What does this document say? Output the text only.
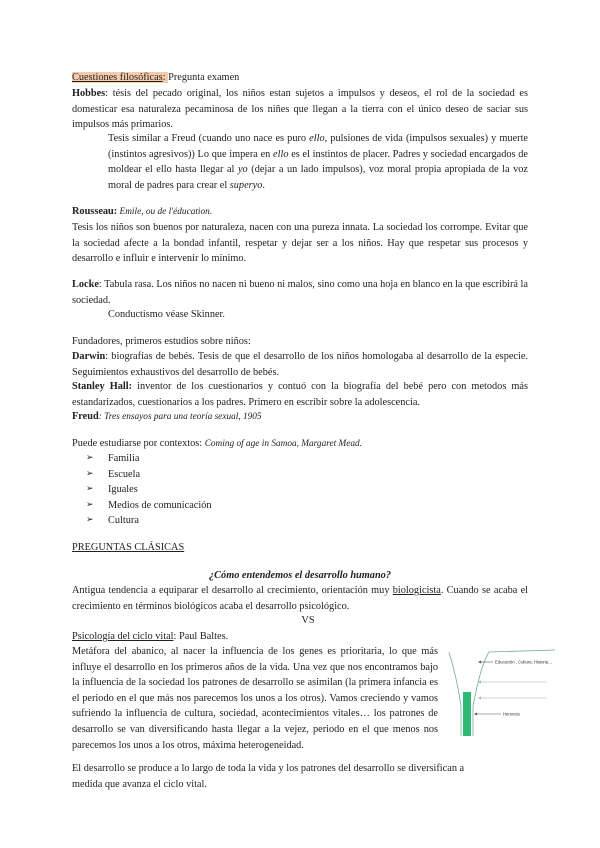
Cuestiones filosóficas: Pregunta examen
Hobbes: tésis del pecado original, los niños estan sujetos a impulsos y deseos, el rol de la sociedad es domesticar esa naturaleza pecaminosa de los niñes que llegan a la tierra con el único deseo de saciar sus impulsos más primarios.
Tesis similar a Freud (cuando uno nace es puro ello, pulsiones de vida (impulsos sexuales) y muerte (instintos agresivos)) Lo que impera en ello es el instintos de placer. Padres y sociedad encargados de moldear el ello hasta llegar al yo (dejar a un lado impulsos), voz moral propia apropiada de la voz moral de padres para crear el superyo.
Rousseau: Emile, ou de l'éducation.
Tesis los niños son buenos por naturaleza, nacen con una pureza innata. La sociedad los corrompe. Evitar que la sociedad afecte a la bondad infantil, respetar y dejar ser a los niños. Hay que respetar sus procesos y desarrollo e influir e intervenir lo mínimo.
Locke: Tabula rasa. Los niños no nacen ni bueno ni malos, sino como una hoja en blanco en la que escribirá la sociedad.
Conductismo véase Skinner.
Fundadores, primeros estudios sobre niños:
Darwin: biografías de bebés. Tesis de que el desarrollo de los niños homologaba al desarrollo de la especie. Seguimientos exhaustivos del desarrollo de bebés.
Stanley Hall: inventor de los cuestionarios y contuó con la biografía del bebé pero con metodos más estandarizados, cuestionarios a los padres. Primero en escribir sobre la adolescencia.
Freud: Tres ensayos para una teoría sexual, 1905
Puede estudiarse por contextos: Coming of age in Samoa, Margaret Mead.
➢ Familia
➢ Escuela
➢ Iguales
➢ Medios de comunicación
➢ Cultura
PREGUNTAS CLÁSICAS
¿Cómo entendemos el desarrollo humano?
Antigua tendencia a equiparar el desarrollo al crecimiento, orientación muy biologicista. Cuando se acaba el crecimiento en términos biológicos acaba el desarrollo psicológico.
VS
Psicología del ciclo vital: Paul Baltes.
Metáfora del abanico, al nacer la influencia de los genes es prioritaria, lo que más influye el desarrollo en los primeros años de la vida. Una vez que nos encontramos bajo la influencia de la sociedad los patrones de desarrollo se asimilan (la primera infancia es el periodo en el que más nos parecemos los unos a los otros). Vamos creciendo y vamos sufriendo la influencia de cultura, sociedad, acontecimientos vitales… los patrones de desarrollo se van diversificando hasta llegar a la vejez, periodo en el que menos nos parecemos los unos a los otros, máxima heterogeneidad.
El desarrollo se produce a lo largo de toda la vida y los patrones del desarrollo se diversifican a medida que avanza el ciclo vital.
Educación , Cultura, Historia…
Herencia
